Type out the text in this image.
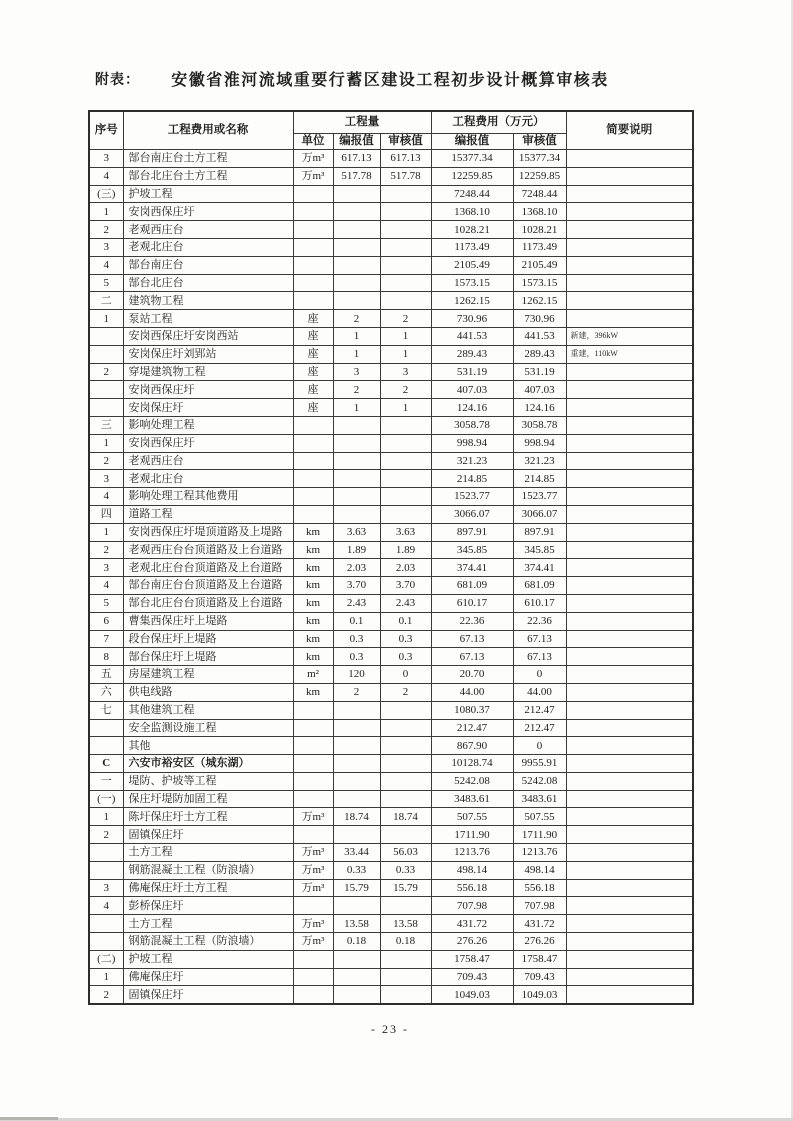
附表：	安徽省淮河流域重要行蓄区建设工程初步设计概算审核表
序号	工程费用或名称	工程量			工程费用（万元）		简要说明
		单位	编报值	审核值	编报值	审核值	
3	郜台南庄台土方工程	万m³	617.13	617.13	15377.34	15377.34	
4	郜台北庄台土方工程	万m³	517.78	517.78	12259.85	12259.85	
(三)	护坡工程				7248.44	7248.44	
1	安岗西保庄圩				1368.10	1368.10	
2	老观西庄台				1028.21	1028.21	
3	老观北庄台				1173.49	1173.49	
4	郜台南庄台				2105.49	2105.49	
5	郜台北庄台				1573.15	1573.15	
二	建筑物工程				1262.15	1262.15	
1	泵站工程	座	2	2	730.96	730.96	
	安岗西保庄圩安岗西站	座	1	1	441.53	441.53	新建，396kW
	安岗保庄圩刘郢站	座	1	1	289.43	289.43	重建，110kW
2	穿堤建筑物工程	座	3	3	531.19	531.19	
	安岗西保庄圩	座	2	2	407.03	407.03	
	安岗保庄圩	座	1	1	124.16	124.16	
三	影响处理工程				3058.78	3058.78	
1	安岗西保庄圩				998.94	998.94	
2	老观西庄台				321.23	321.23	
3	老观北庄台				214.85	214.85	
4	影响处理工程其他费用				1523.77	1523.77	
四	道路工程				3066.07	3066.07	
1	安岗西保庄圩堤顶道路及上堤路	km	3.63	3.63	897.91	897.91	
2	老观西庄台台顶道路及上台道路	km	1.89	1.89	345.85	345.85	
3	老观北庄台台顶道路及上台道路	km	2.03	2.03	374.41	374.41	
4	郜台南庄台台顶道路及上台道路	km	3.70	3.70	681.09	681.09	
5	郜台北庄台台顶道路及上台道路	km	2.43	2.43	610.17	610.17	
6	曹集西保庄圩上堤路	km	0.1	0.1	22.36	22.36	
7	段台保庄圩上堤路	km	0.3	0.3	67.13	67.13	
8	郜台保庄圩上堤路	km	0.3	0.3	67.13	67.13	
五	房屋建筑工程	m²	120	0	20.70	0	
六	供电线路	km	2	2	44.00	44.00	
七	其他建筑工程				1080.37	212.47	
	安全监测设施工程				212.47	212.47	
	其他				867.90	0	
C	六安市裕安区（城东湖）				10128.74	9955.91	
一	堤防、护坡等工程				5242.08	5242.08	
(一)	保庄圩堤防加固工程				3483.61	3483.61	
1	陈圩保庄圩土方工程	万m³	18.74	18.74	507.55	507.55	
2	固镇保庄圩				1711.90	1711.90	
	土方工程	万m³	33.44	56.03	1213.76	1213.76	
	钢筋混凝土工程（防浪墙）	万m³	0.33	0.33	498.14	498.14	
3	佛庵保庄圩土方工程	万m³	15.79	15.79	556.18	556.18	
4	彭桥保庄圩				707.98	707.98	
	土方工程	万m³	13.58	13.58	431.72	431.72	
	钢筋混凝土工程（防浪墙）	万m³	0.18	0.18	276.26	276.26	
(二)	护坡工程				1758.47	1758.47	
1	佛庵保庄圩				709.43	709.43	
2	固镇保庄圩				1049.03	1049.03	
- 23 -
